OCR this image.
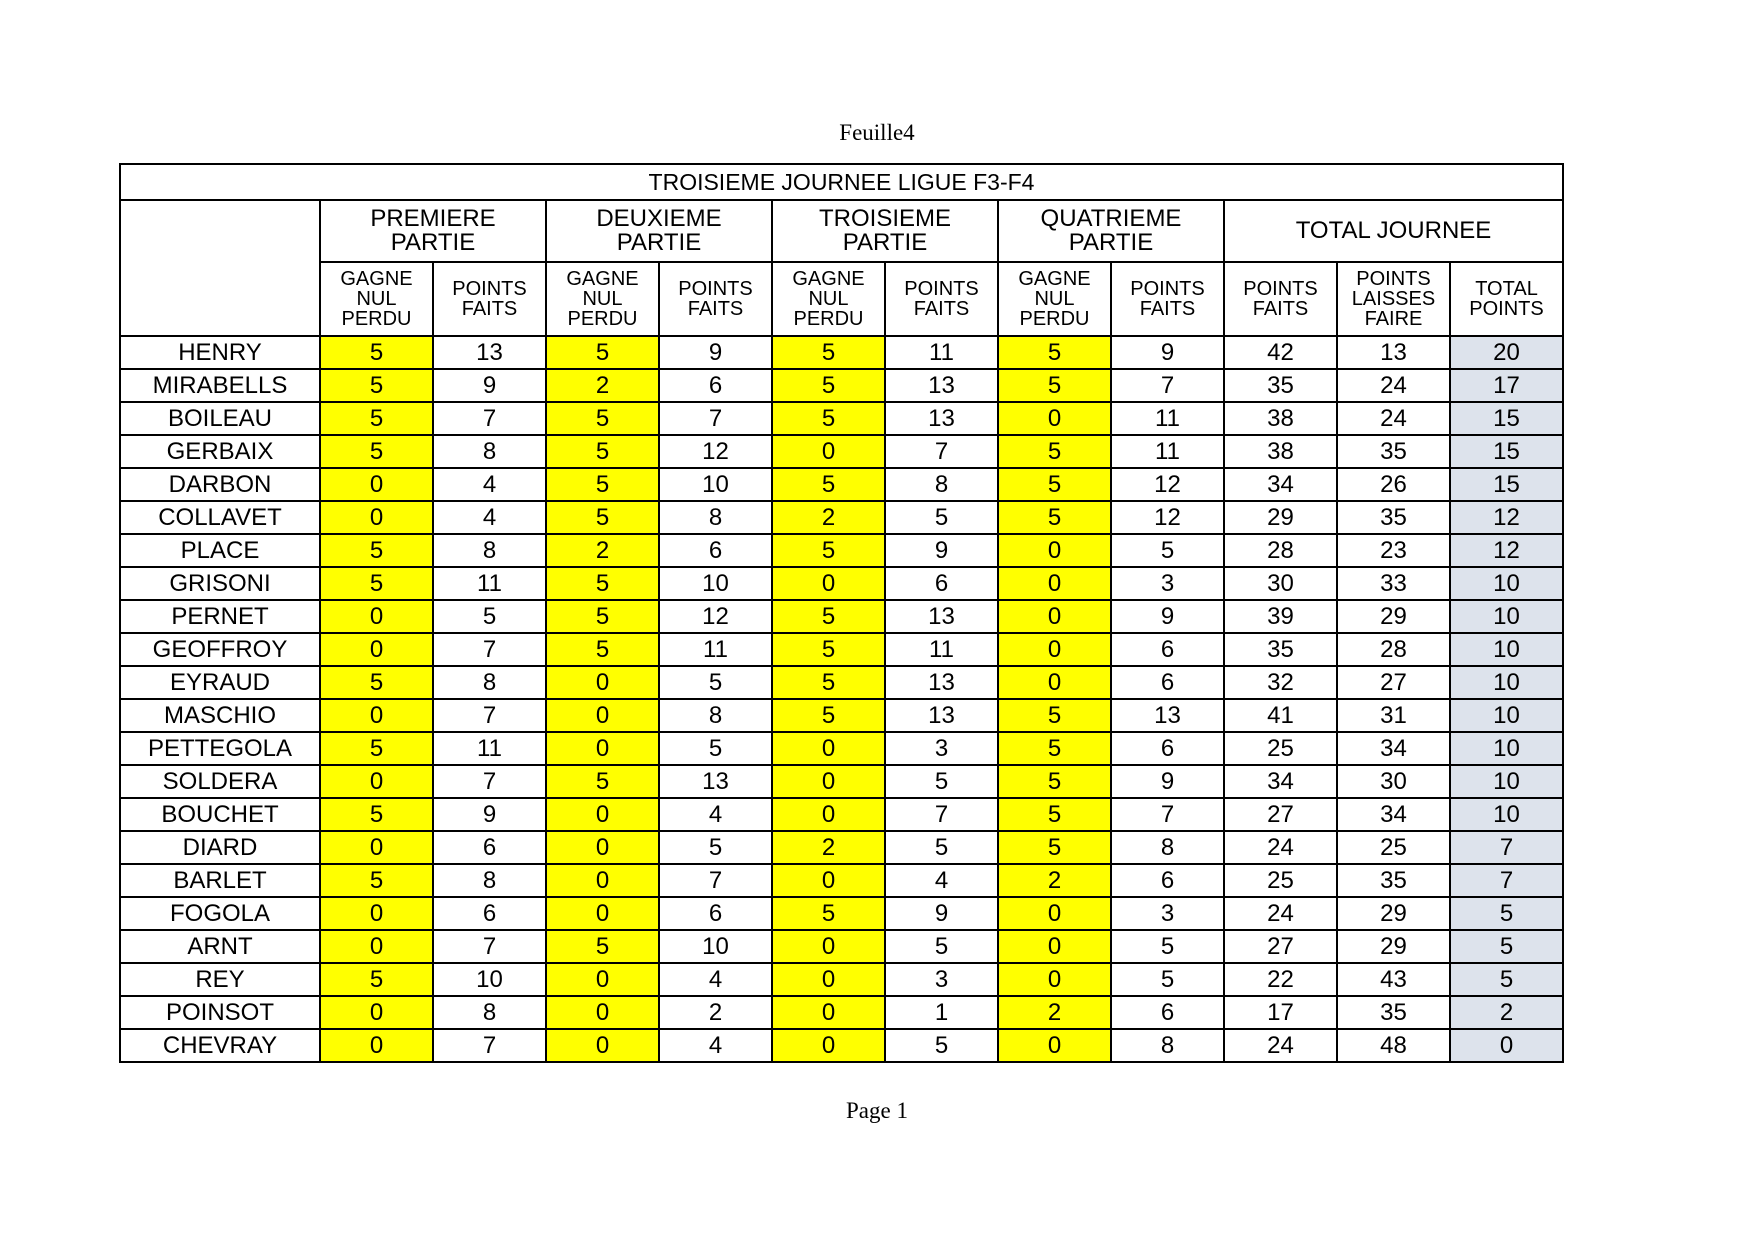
Feuille4
TROISIEME JOURNEE LIGUE F3-F4											
	PREMIERE
PARTIE		DEUXIEME
PARTIE		TROISIEME
PARTIE		QUATRIEME
PARTIE		TOTAL JOURNEE		
	GAGNE
NUL
PERDU	POINTS
FAITS	GAGNE
NUL
PERDU	POINTS
FAITS	GAGNE
NUL
PERDU	POINTS
FAITS	GAGNE
NUL
PERDU	POINTS
FAITS	POINTS
FAITS	POINTS
LAISSES
FAIRE	TOTAL
POINTS
HENRY	5	13	5	9	5	11	5	9	42	13	20
MIRABELLS	5	9	2	6	5	13	5	7	35	24	17
BOILEAU	5	7	5	7	5	13	0	11	38	24	15
GERBAIX	5	8	5	12	0	7	5	11	38	35	15
DARBON	0	4	5	10	5	8	5	12	34	26	15
COLLAVET	0	4	5	8	2	5	5	12	29	35	12
PLACE	5	8	2	6	5	9	0	5	28	23	12
GRISONI	5	11	5	10	0	6	0	3	30	33	10
PERNET	0	5	5	12	5	13	0	9	39	29	10
GEOFFROY	0	7	5	11	5	11	0	6	35	28	10
EYRAUD	5	8	0	5	5	13	0	6	32	27	10
MASCHIO	0	7	0	8	5	13	5	13	41	31	10
PETTEGOLA	5	11	0	5	0	3	5	6	25	34	10
SOLDERA	0	7	5	13	0	5	5	9	34	30	10
BOUCHET	5	9	0	4	0	7	5	7	27	34	10
DIARD	0	6	0	5	2	5	5	8	24	25	7
BARLET	5	8	0	7	0	4	2	6	25	35	7
FOGOLA	0	6	0	6	5	9	0	3	24	29	5
ARNT	0	7	5	10	0	5	0	5	27	29	5
REY	5	10	0	4	0	3	0	5	22	43	5
POINSOT	0	8	0	2	0	1	2	6	17	35	2
CHEVRAY	0	7	0	4	0	5	0	8	24	48	0
Page 1
